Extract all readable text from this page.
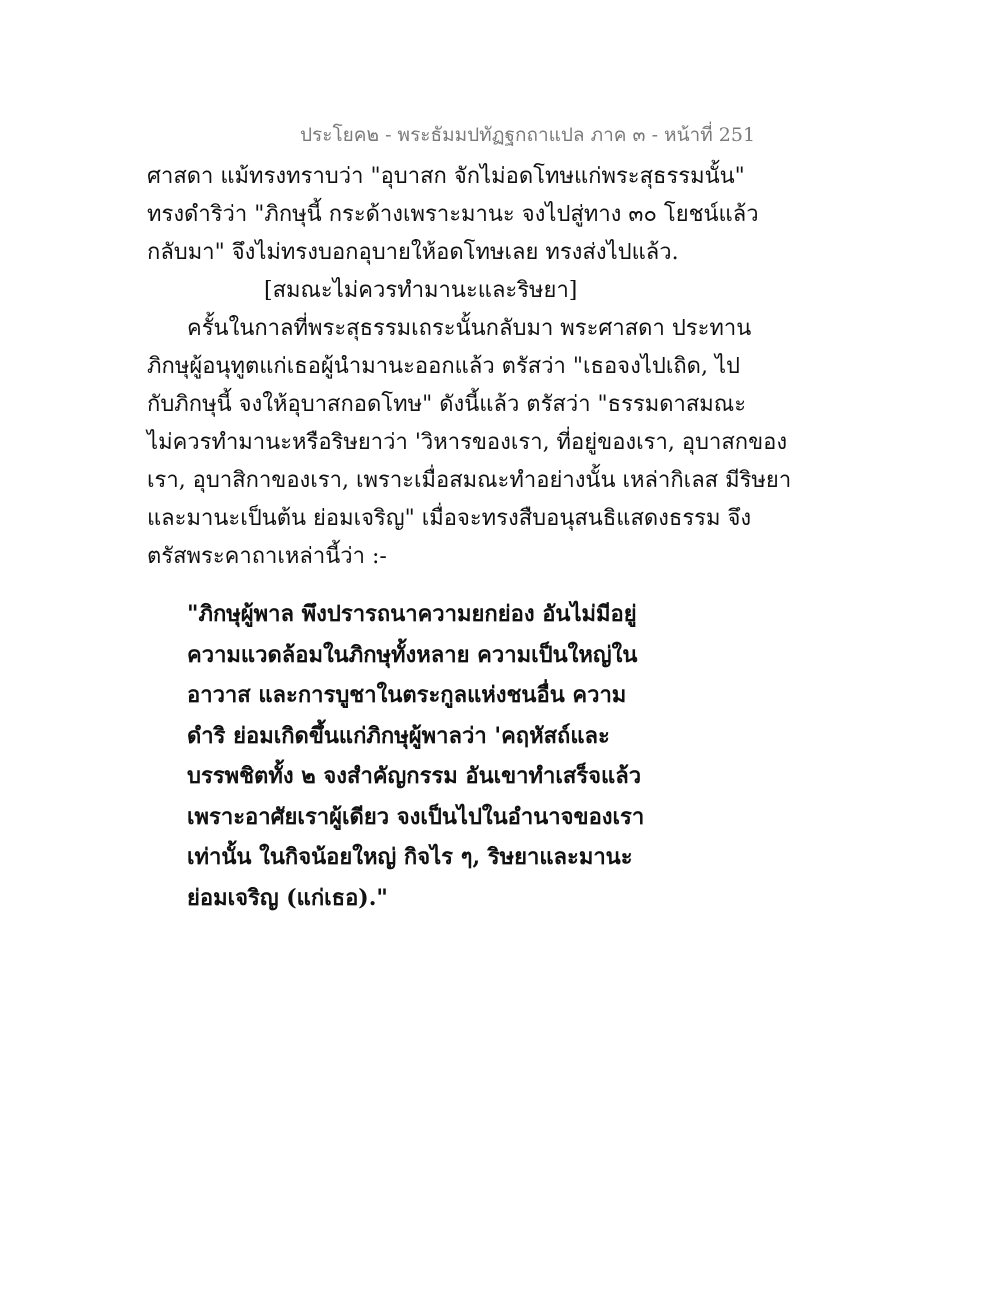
ประโยค๒ - พระธัมมปทัฏฐกถาแปล ภาค ๓ - หน้าที่ 251
ศาสดา แม้ทรงทราบว่า "อุบาสก จักไม่อดโทษแก่พระสุธรรมนั้น"
ทรงดำริว่า "ภิกษุนี้ กระด้างเพราะมานะ จงไปสู่ทาง ๓๐ โยชน์แล้ว
กลับมา" จึงไม่ทรงบอกอุบายให้อดโทษเลย ทรงส่งไปแล้ว.
[สมณะไม่ควรทำมานะและริษยา]
ครั้นในกาลที่พระสุธรรมเถระนั้นกลับมา พระศาสดา ประทาน
ภิกษุผู้อนุทูตแก่เธอผู้นำมานะออกแล้ว ตรัสว่า "เธอจงไปเถิด, ไป
กับภิกษุนี้ จงให้อุบาสกอดโทษ" ดังนี้แล้ว ตรัสว่า "ธรรมดาสมณะ
ไม่ควรทำมานะหรือริษยาว่า 'วิหารของเรา, ที่อยู่ของเรา, อุบาสกของ
เรา, อุบาสิกาของเรา, เพราะเมื่อสมณะทำอย่างนั้น เหล่ากิเลส มีริษยา
และมานะเป็นต้น ย่อมเจริญ" เมื่อจะทรงสืบอนุสนธิแสดงธรรม จึง
ตรัสพระคาถาเหล่านี้ว่า :-
"ภิกษุผู้พาล พึงปรารถนาความยกย่อง อันไม่มีอยู่
ความแวดล้อมในภิกษุทั้งหลาย ความเป็นใหญ่ใน
อาวาส และการบูชาในตระกูลแห่งชนอื่น ความ
ดำริ ย่อมเกิดขึ้นแก่ภิกษุผู้พาลว่า 'คฤหัสถ์และ
บรรพชิตทั้ง ๒ จงสำคัญกรรม อันเขาทำเสร็จแล้ว
เพราะอาศัยเราผู้เดียว จงเป็นไปในอำนาจของเรา
เท่านั้น ในกิจน้อยใหญ่ กิจไร ๆ, ริษยาและมานะ
ย่อมเจริญ (แก่เธอ)."
